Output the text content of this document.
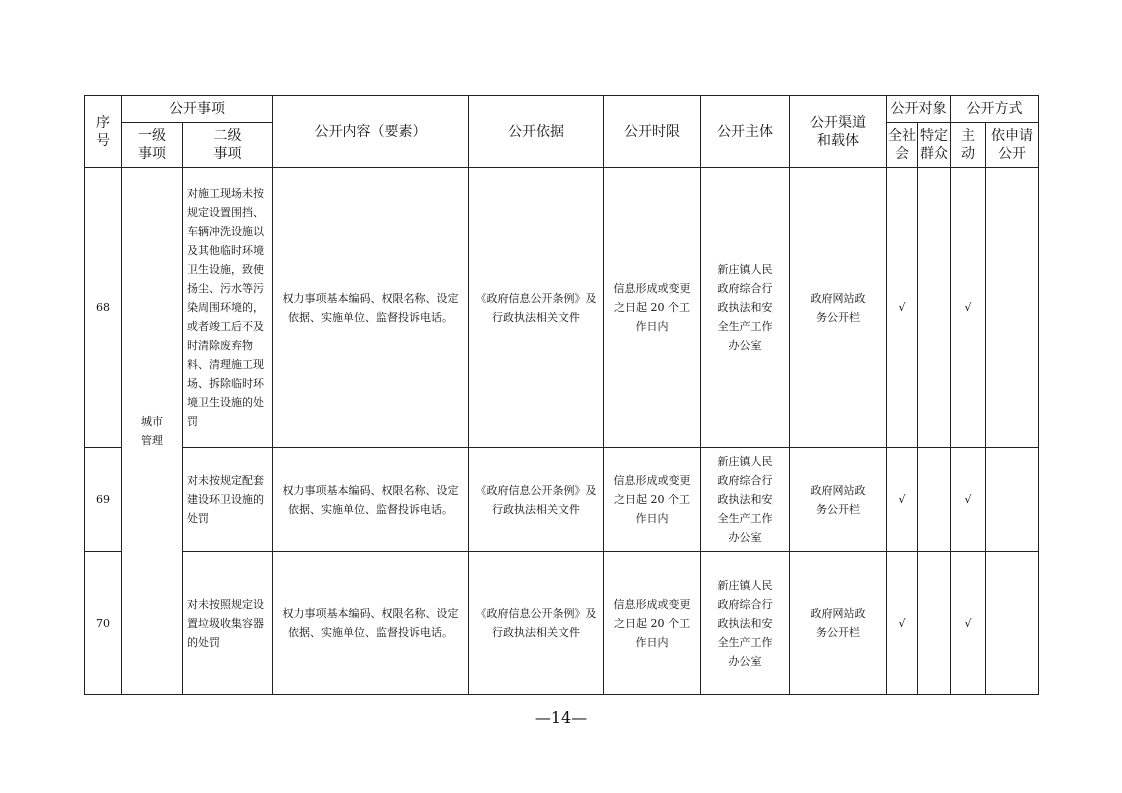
序号	公开事项		公开内容（要素）	公开依据	公开时限	公开主体	公开渠道和载体	公开对象		公开方式	
	一级事项	二级事项						全社会	特定群众	主动	依申请公开
68	城市管理	对施工现场未按规定设置围挡、车辆冲洗设施以及其他临时环境卫生设施，致使扬尘、污水等污染周围环境的，或者竣工后不及时清除废弃物料、清理施工现场、拆除临时环境卫生设施的处罚	权力事项基本编码、权限名称、设定依据、实施单位、监督投诉电话。	《政府信息公开条例》及行政执法相关文件	信息形成或变更之日起 20 个工作日内	新庄镇人民政府综合行政执法和安全生产工作办公室	政府网站政务公开栏	√		√	
69		对未按规定配套建设环卫设施的处罚	权力事项基本编码、权限名称、设定依据、实施单位、监督投诉电话。	《政府信息公开条例》及行政执法相关文件	信息形成或变更之日起 20 个工作日内	新庄镇人民政府综合行政执法和安全生产工作办公室	政府网站政务公开栏	√		√	
70		对未按照规定设置垃圾收集容器的处罚	权力事项基本编码、权限名称、设定依据、实施单位、监督投诉电话。	《政府信息公开条例》及行政执法相关文件	信息形成或变更之日起 20 个工作日内	新庄镇人民政府综合行政执法和安全生产工作办公室	政府网站政务公开栏	√		√	
—14—
